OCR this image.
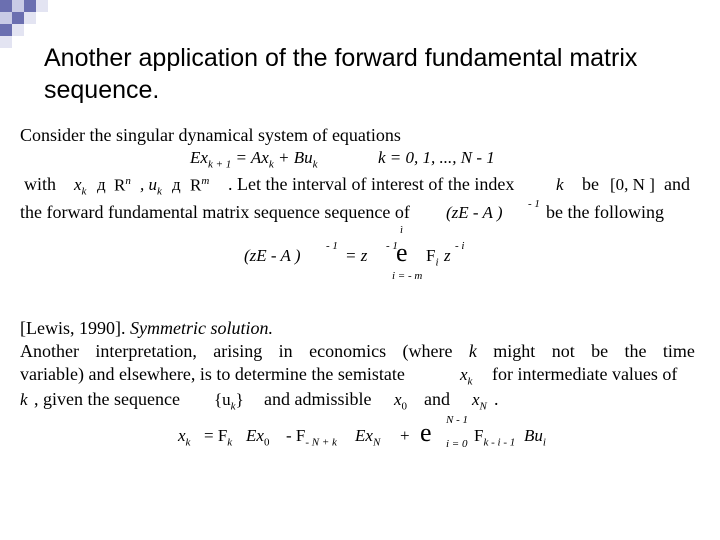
Another application of the forward fundamental matrix sequence.
Consider the singular dynamical system of equations
$Ex_{k + 1} = Ax_k + Bu_k$	k = 0, 1, ..., N - 1
with $x_k$ д $R^n$ , $u_k$ д $R^m$ . Let the interval of interest of the index k be [0, N ] and
the forward fundamental matrix sequence sequence of (zE - A ) - 1 be the following
(zE - A ) - 1 = z - 1
ì
e
i = - m
$F_i$ z - i
[Lewis, 1990]. Symmetric solution.
Another interpretation, arising in economics (where k might not be the time
variable) and elsewhere, is to determine the semistate	$x_k$ for intermediate values of
k , given the sequence $\{u_k\}$ and admissible $x_0$ and $x_N$ .
$x_k = F_k$ $Ex_0 - F_{- N + k}$ $Ex_N$ +
N - 1
e i = 0 $F_{k - i - 1}$ $Bu_i$
